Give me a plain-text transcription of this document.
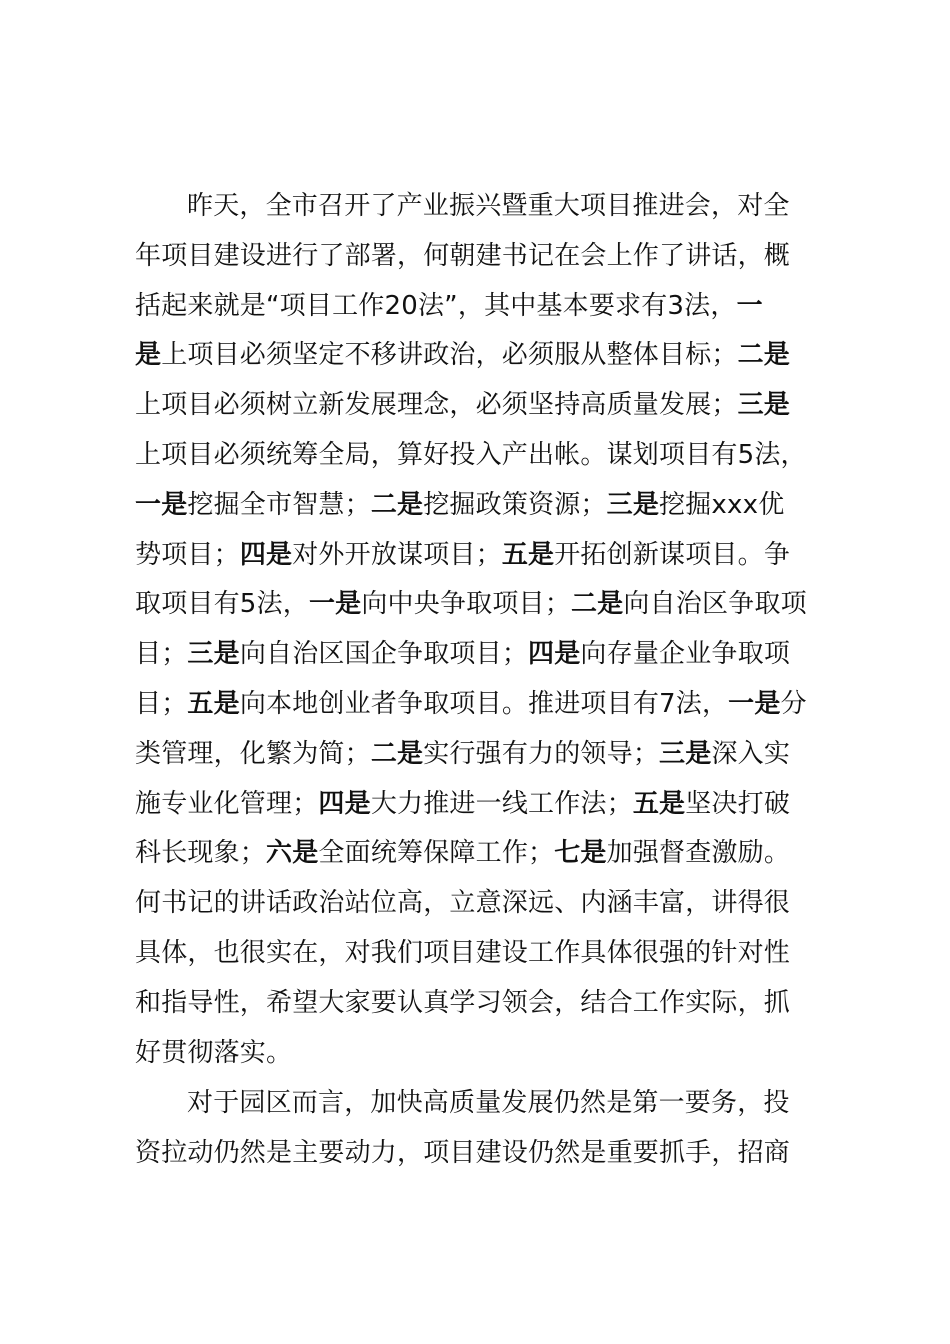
昨天，全市召开了产业振兴暨重大项目推进会，对全
年项目建设进行了部署，何朝建书记在会上作了讲话，概
括起来就是“项目工作20法”，其中基本要求有3法，一
是上项目必须坚定不移讲政治，必须服从整体目标；二是
上项目必须树立新发展理念，必须坚持高质量发展；三是
上项目必须统筹全局，算好投入产出帐。谋划项目有5法，
一是挖掘全市智慧；二是挖掘政策资源；三是挖掘xxx优
势项目；四是对外开放谋项目；五是开拓创新谋项目。争
取项目有5法，一是向中央争取项目；二是向自治区争取项
目；三是向自治区国企争取项目；四是向存量企业争取项
目；五是向本地创业者争取项目。推进项目有7法，一是分
类管理，化繁为简；二是实行强有力的领导；三是深入实
施专业化管理；四是大力推进一线工作法；五是坚决打破
科长现象；六是全面统筹保障工作；七是加强督查激励。
何书记的讲话政治站位高，立意深远、内涵丰富，讲得很
具体，也很实在，对我们项目建设工作具体很强的针对性
和指导性，希望大家要认真学习领会，结合工作实际，抓
好贯彻落实。
对于园区而言，加快高质量发展仍然是第一要务，投
资拉动仍然是主要动力，项目建设仍然是重要抓手，招商
